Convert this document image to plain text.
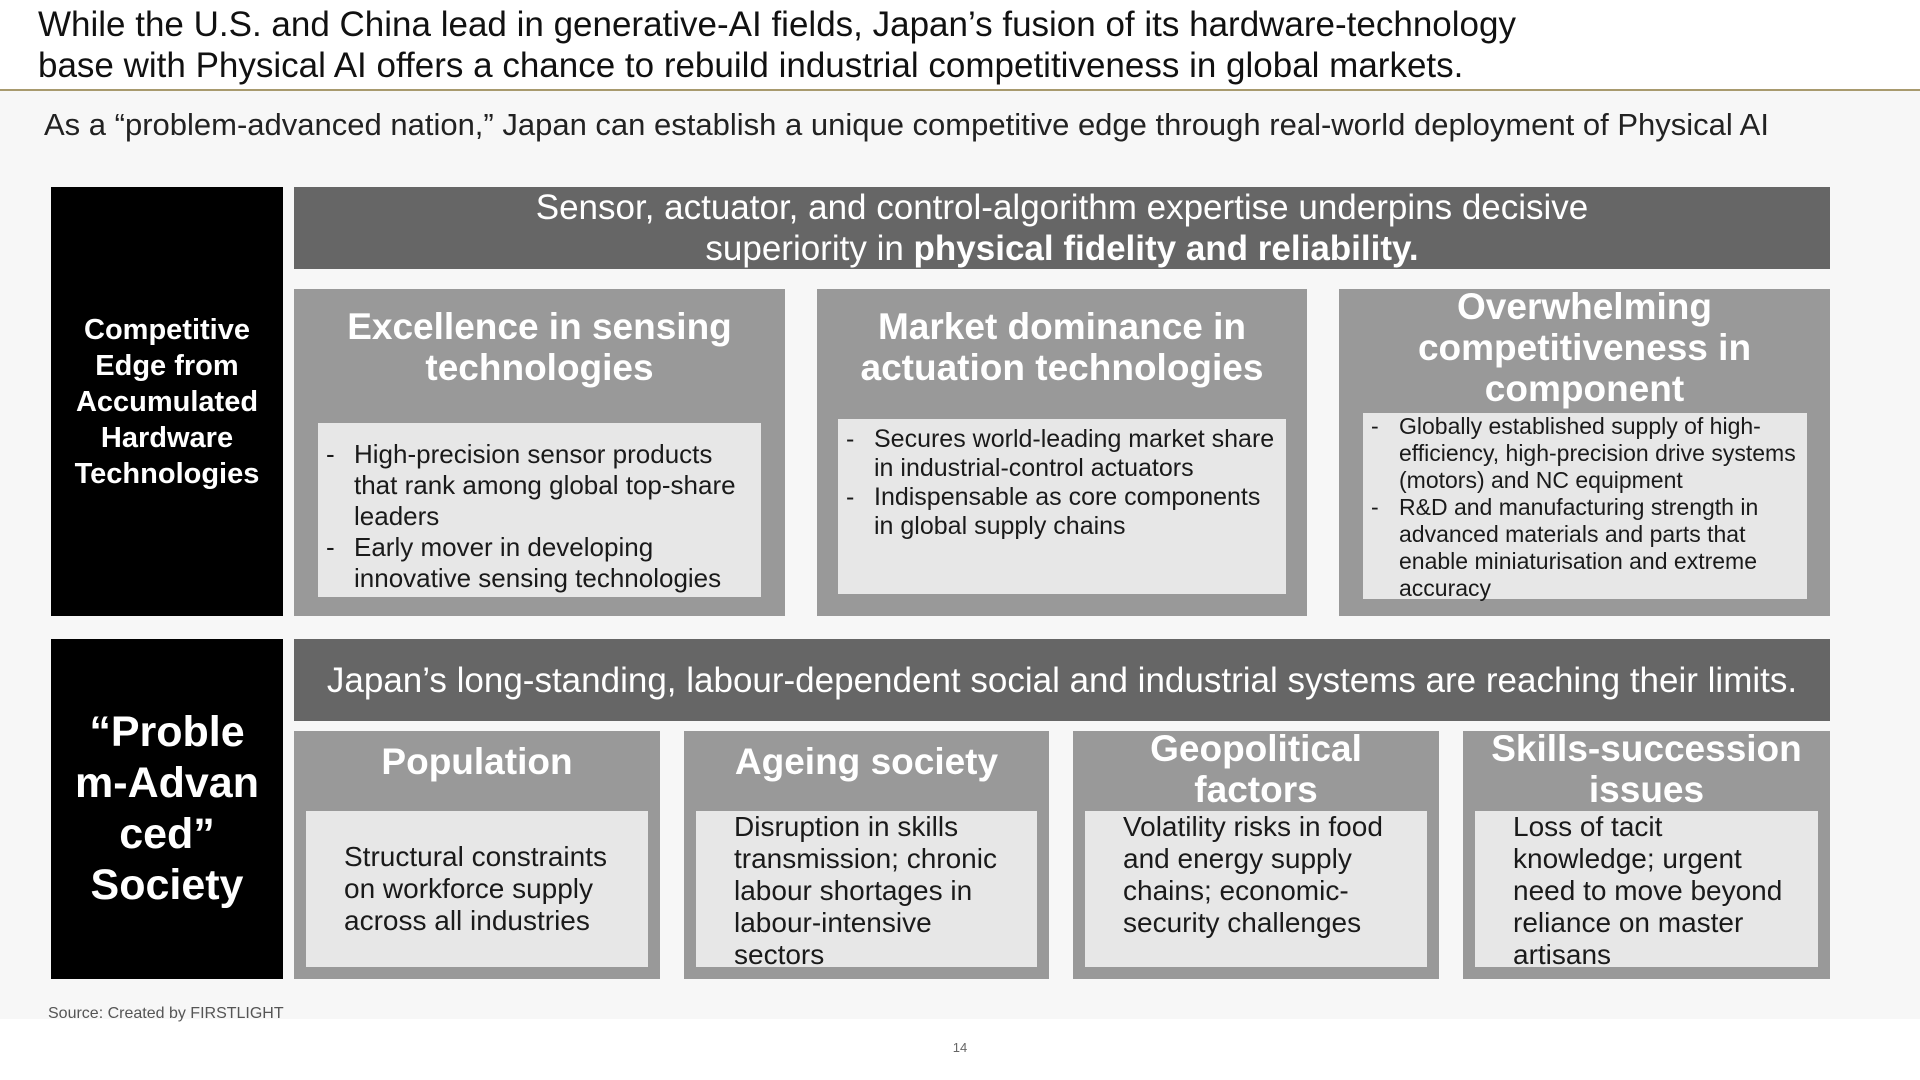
While the U.S. and China lead in generative-AI fields, Japan’s fusion of its hardware-technology
base with Physical AI offers a chance to rebuild industrial competitiveness in global markets.
As a “problem-advanced nation,” Japan can establish a unique competitive edge through real-world deployment of Physical AI
Competitive
Edge from
Accumulated
Hardware
Technologies
Sensor, actuator, and control-algorithm expertise underpins decisive
superiority in physical fidelity and reliability.
Excellence in sensing
technologies
- High-precision sensor products that rank among global top-share leaders
- Early mover in developing innovative sensing technologies
Market dominance in
actuation technologies
- Secures world-leading market share in industrial-control actuators
- Indispensable as core components in global supply chains
Overwhelming
competitiveness in
component
- Globally established supply of high-efficiency, high-precision drive systems (motors) and NC equipment
- R&D and manufacturing strength in advanced materials and parts that enable miniaturisation and extreme accuracy
“Proble
m-Advan
ced”
Society
Japan’s long-standing, labour-dependent social and industrial systems are reaching their limits.
Population
Structural constraints on workforce supply across all industries
Ageing society
Disruption in skills transmission; chronic labour shortages in labour-intensive sectors
Geopolitical
factors
Volatility risks in food and energy supply chains; economic-security challenges
Skills-succession
issues
Loss of tacit knowledge; urgent need to move beyond reliance on master artisans
Source: Created by FIRSTLIGHT
14
